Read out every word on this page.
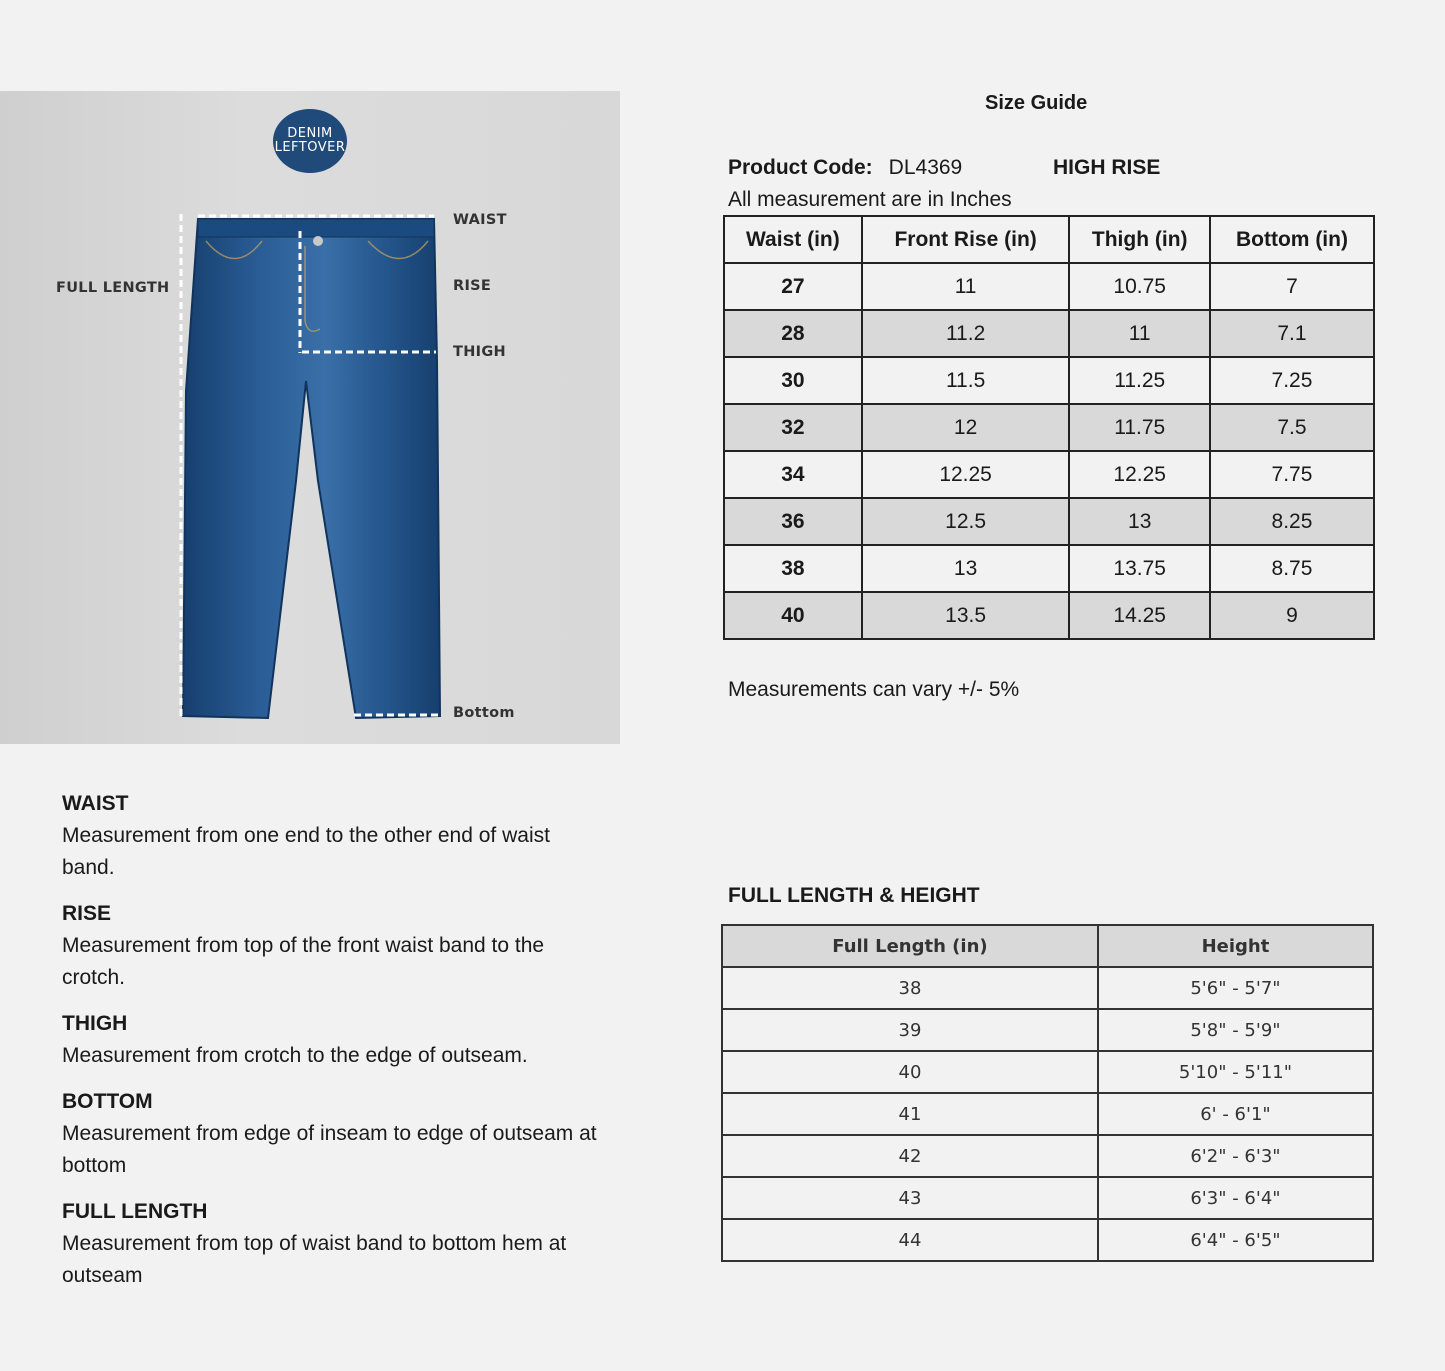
DENIM
LEFTOVER
WAIST
FULL LENGTH	RISE
THIGH
Bottom
Size Guide
Product Code: DL4369	HIGH RISE
All measurement are in Inches
Waist (in)	Front Rise (in)	Thigh (in)	Bottom (in)
27	11	10.75	7
28	11.2	11	7.1
30	11.5	11.25	7.25
32	12	11.75	7.5
34	12.25	12.25	7.75
36	12.5	13	8.25
38	13	13.75	8.75
40	13.5	14.25	9
Measurements can vary +/- 5%
FULL LENGTH & HEIGHT
Full Length (in)	Height
38	5'6" - 5'7"
39	5'8" - 5'9"
40	5'10" - 5'11"
41	6' - 6'1"
42	6'2" - 6'3"
43	6'3" - 6'4"
44	6'4" - 6'5"
WAIST
Measurement from one end to the other end of waist band.
RISE
Measurement from top of the front waist band to the crotch.
THIGH
Measurement from crotch to the edge of outseam.
BOTTOM
Measurement from edge of inseam to edge of outseam at bottom
FULL LENGTH
Measurement from top of waist band to bottom hem at outseam
